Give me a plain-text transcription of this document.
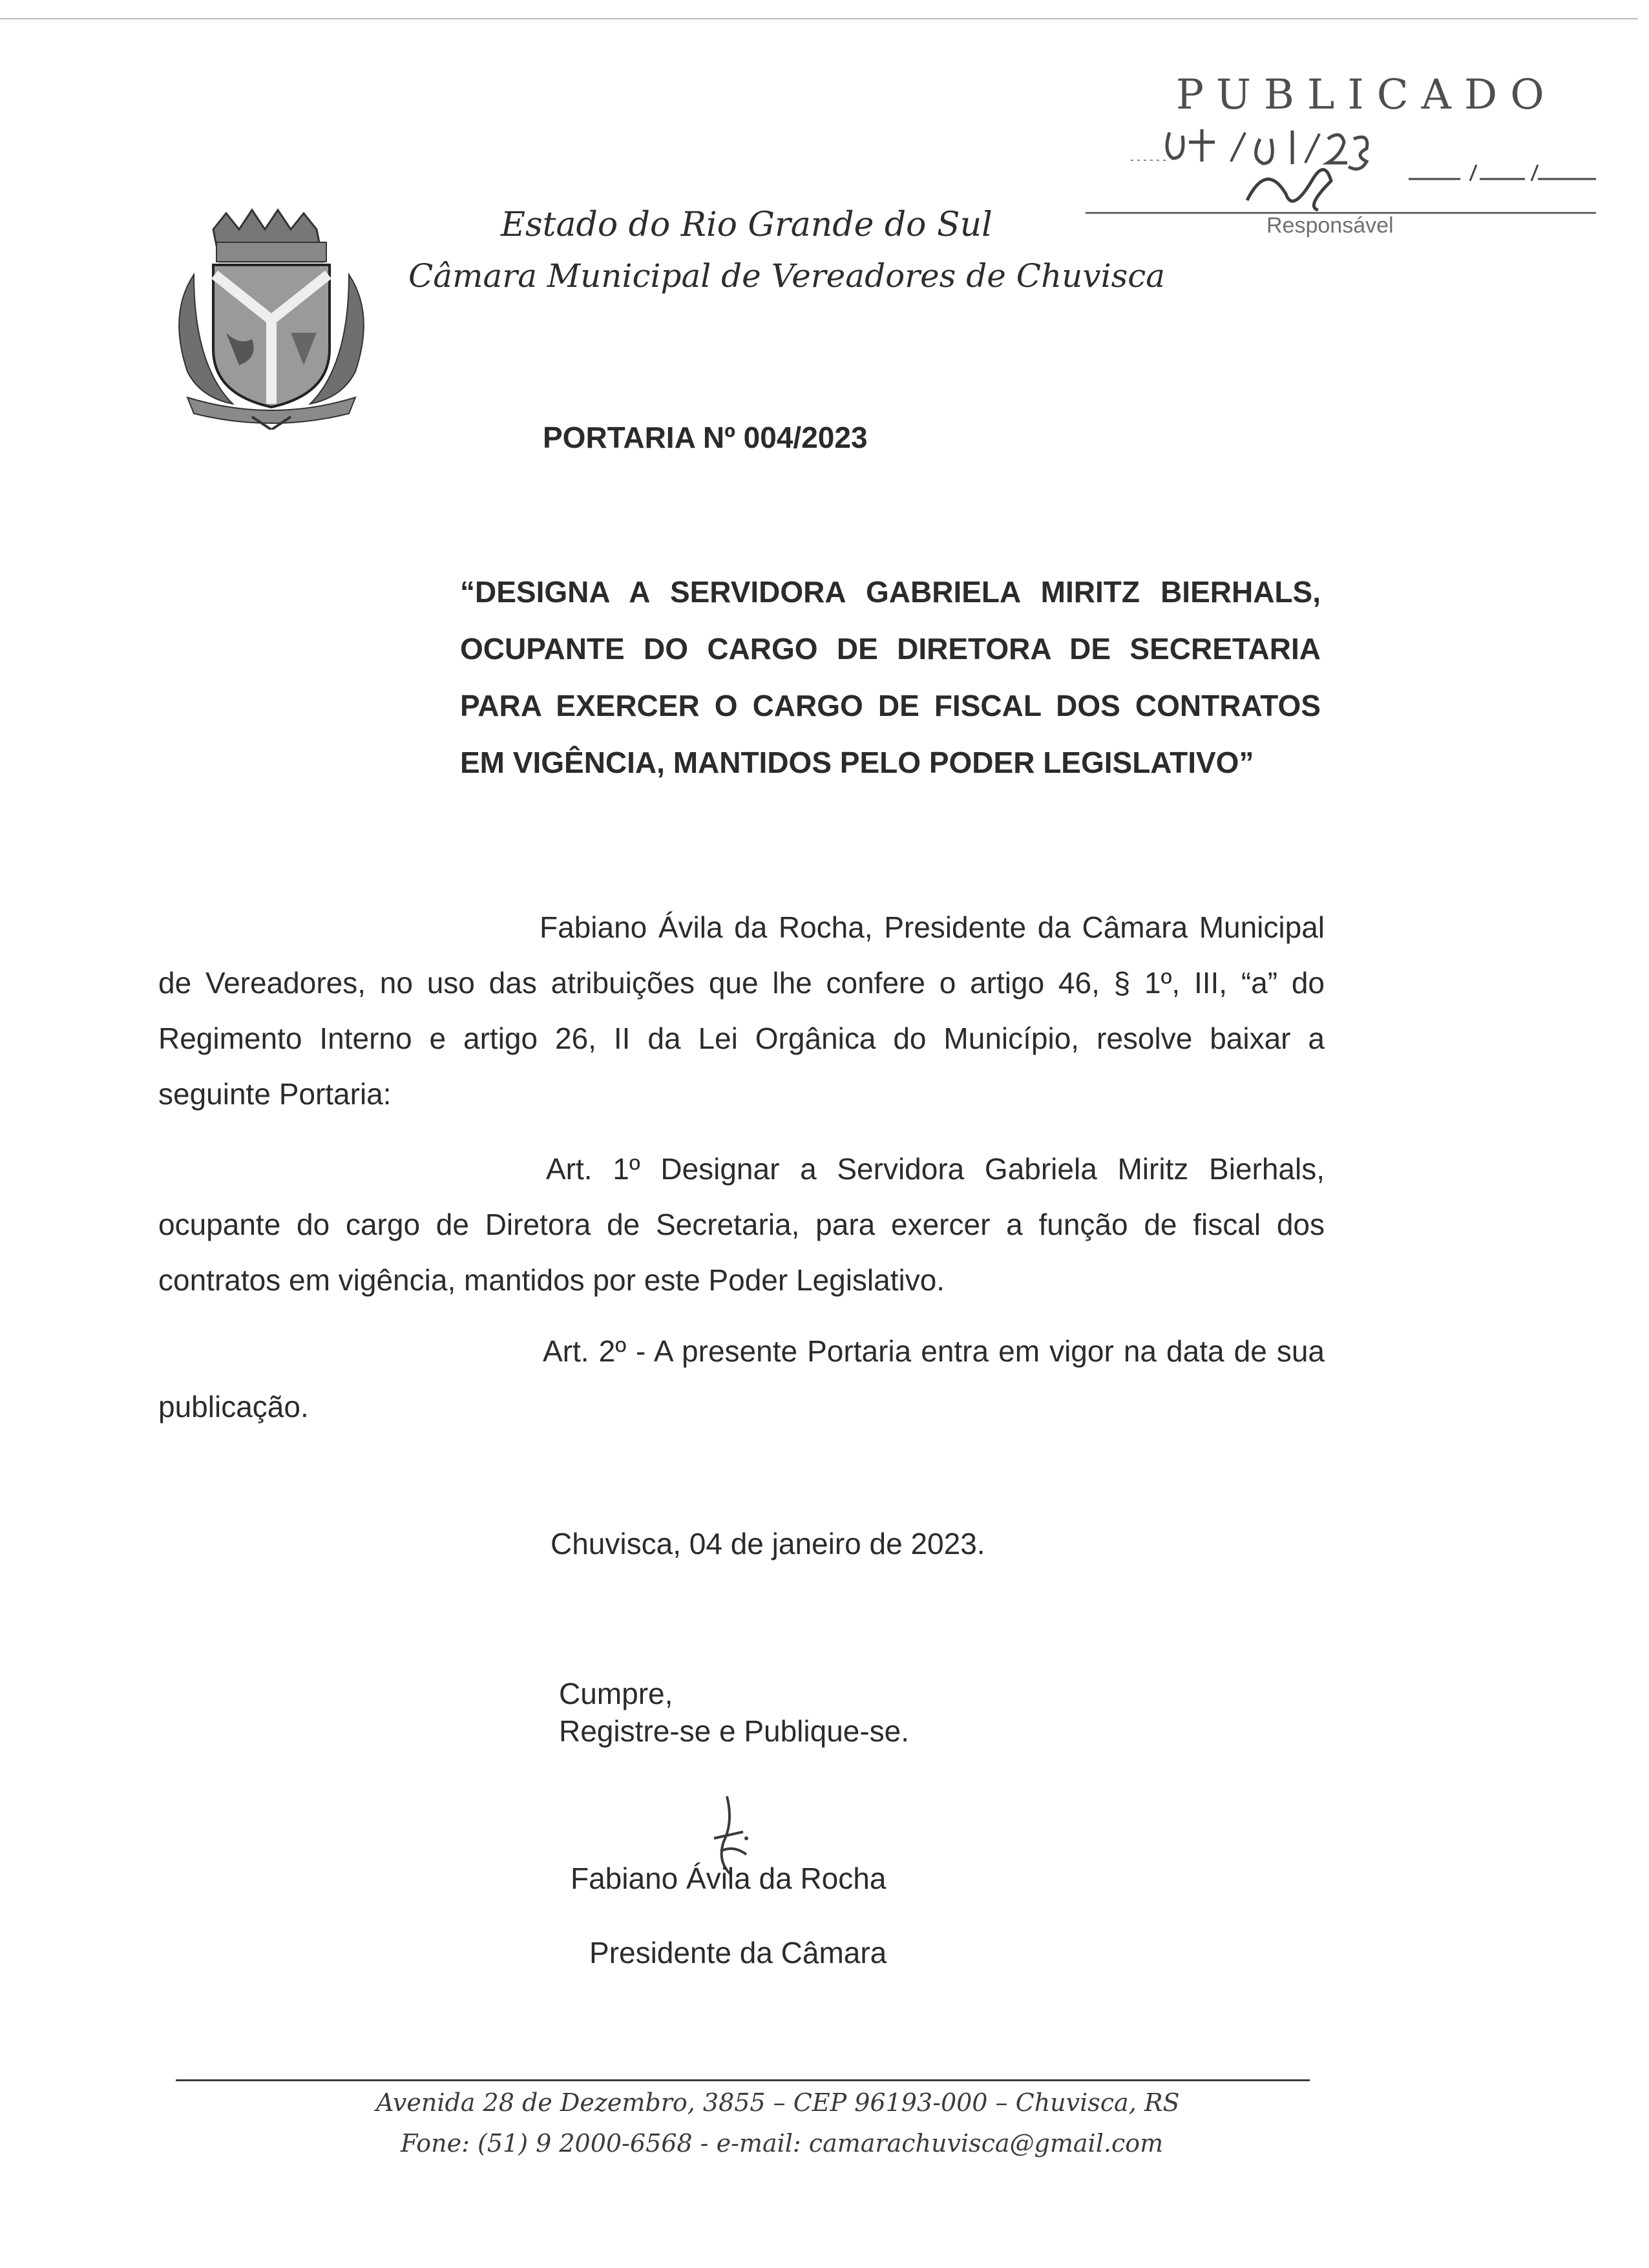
PUBLICADO
Responsável
Estado do Rio Grande do Sul
Câmara Municipal de Vereadores de Chuvisca
PORTARIA Nº 004/2023
“DESIGNA A SERVIDORA GABRIELA MIRITZ BIERHALS, OCUPANTE DO CARGO DE DIRETORA DE SECRETARIA PARA EXERCER O CARGO DE FISCAL DOS CONTRATOS EM VIGÊNCIA, MANTIDOS PELO PODER LEGISLATIVO”
Fabiano Ávila da Rocha, Presidente da Câmara Municipal de Vereadores, no uso das atribuições que lhe confere o artigo 46, § 1º, III, “a” do Regimento Interno e artigo 26, II da Lei Orgânica do Município, resolve baixar a seguinte Portaria:
Art. 1º Designar a Servidora Gabriela Miritz Bierhals, ocupante do cargo de Diretora de Secretaria, para exercer a função de fiscal dos contratos em vigência, mantidos por este Poder Legislativo.
Art. 2º - A presente Portaria entra em vigor na data de sua publicação.
Chuvisca, 04 de janeiro de 2023.
Cumpre,
Registre-se e Publique-se.
Fabiano Ávila da Rocha
Presidente da Câmara
Avenida 28 de Dezembro, 3855 – CEP 96193-000 – Chuvisca, RS
Fone: (51) 9 2000-6568 - e-mail: camarachuvisca@gmail.com
